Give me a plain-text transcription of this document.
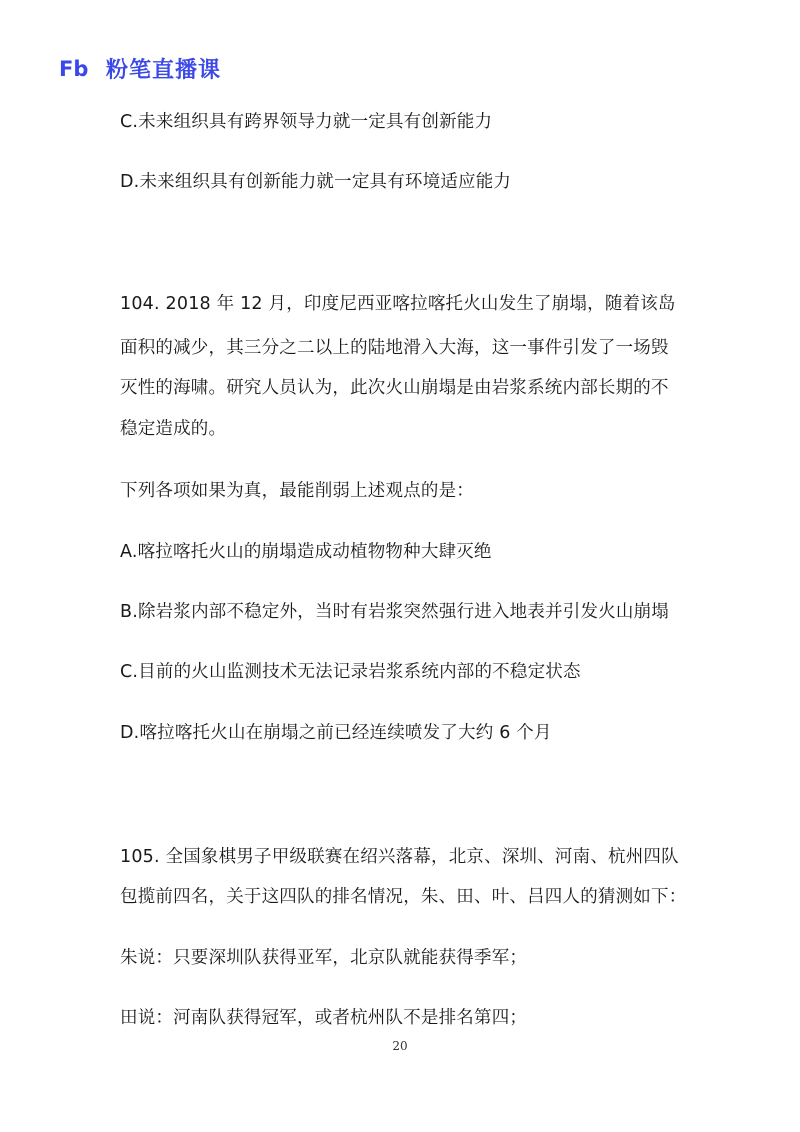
Fb 粉笔直播课
C.未来组织具有跨界领导力就一定具有创新能力
D.未来组织具有创新能力就一定具有环境适应能力
104. 2018 年 12 月，印度尼西亚喀拉喀托火山发生了崩塌，随着该岛
面积的减少，其三分之二以上的陆地滑入大海，这一事件引发了一场毁
灭性的海啸。研究人员认为，此次火山崩塌是由岩浆系统内部长期的不
稳定造成的。
下列各项如果为真，最能削弱上述观点的是：
A.喀拉喀托火山的崩塌造成动植物物种大肆灭绝
B.除岩浆内部不稳定外，当时有岩浆突然强行进入地表并引发火山崩塌
C.目前的火山监测技术无法记录岩浆系统内部的不稳定状态
D.喀拉喀托火山在崩塌之前已经连续喷发了大约 6 个月
105. 全国象棋男子甲级联赛在绍兴落幕，北京、深圳、河南、杭州四队
包揽前四名，关于这四队的排名情况，朱、田、叶、吕四人的猜测如下：
朱说：只要深圳队获得亚军，北京队就能获得季军；
田说：河南队获得冠军，或者杭州队不是排名第四；
20
